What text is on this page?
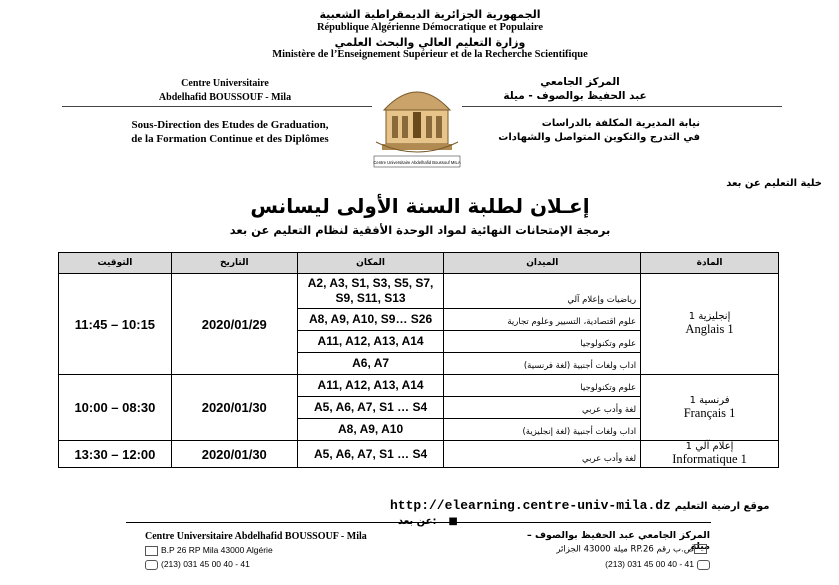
الجمهورية الجزائرية الديمقراطية الشعبية
République Algérienne Démocratique et Populaire
وزارة التعليم العالي والبحث العلمي
Ministère de l’Enseignement Supérieur et de la Recherche Scientifique
Centre Universitaire
Abdelhafid BOUSSOUF - Mila
المركز الجامعي
عبد الحفيظ بوالصوف - ميلة
Sous-Direction des Etudes de Graduation,
de la Formation Continue et des Diplômes
نيابة المديرية المكلفة بالدراسات
في التدرج والتكوين المتواصل والشهادات
Centre Universitaire Abdelhafid Boussouf MILA
خلية التعليم عن بعد
إعـلان لطلبة السنة الأولى ليسانس
برمجة الإمتحانات النهائية لمواد الوحدة الأفقية لنظام التعليم عن بعد
التوقيت	التاريخ	المكان	الميدان	المادة
11:45 – 10:15	2020/01/29	A2, A3, S1, S3, S5, S7, S9, S11, S13	رياضيات وإعلام آلي	إنجليزية 1
Anglais 1

		A8, A9, A10, S9… S26	علوم اقتصادية، التسيير وعلوم تجارية	
		A11, A12, A13, A14	علوم وتكنولوجيا	
		A6, A7	اداب ولغات أجنبية (لغة فرنسية)	
10:00 – 08:30	2020/01/30	A11, A12, A13, A14	علوم وتكنولوجيا	فرنسية 1
Français 1

		A5, A6, A7, S1 … S4	لغة وأدب عربي	
		A8, A9, A10	اداب ولغات أجنبية (لغة إنجليزية)	
13:30 – 12:00	2020/01/30	A5, A6, A7, S1 … S4	لغة وأدب عربي	إعلام آلي 1
Informatique 1
http://elearning.centre-univ-mila.dz	موقع ارضية التعليم
Centre Universitaire Abdelhafid BOUSSOUF - Mila
B.P 26 RP Mila 43000 Algérie
(213) 031 45 00 40 - 41
المركز الجامعي عبد الحفيظ بوالصوف – ميلة
ص.ب رقم RP.26 ميلة 43000 الجزائر
(213) 031 45 00 40 - 41
